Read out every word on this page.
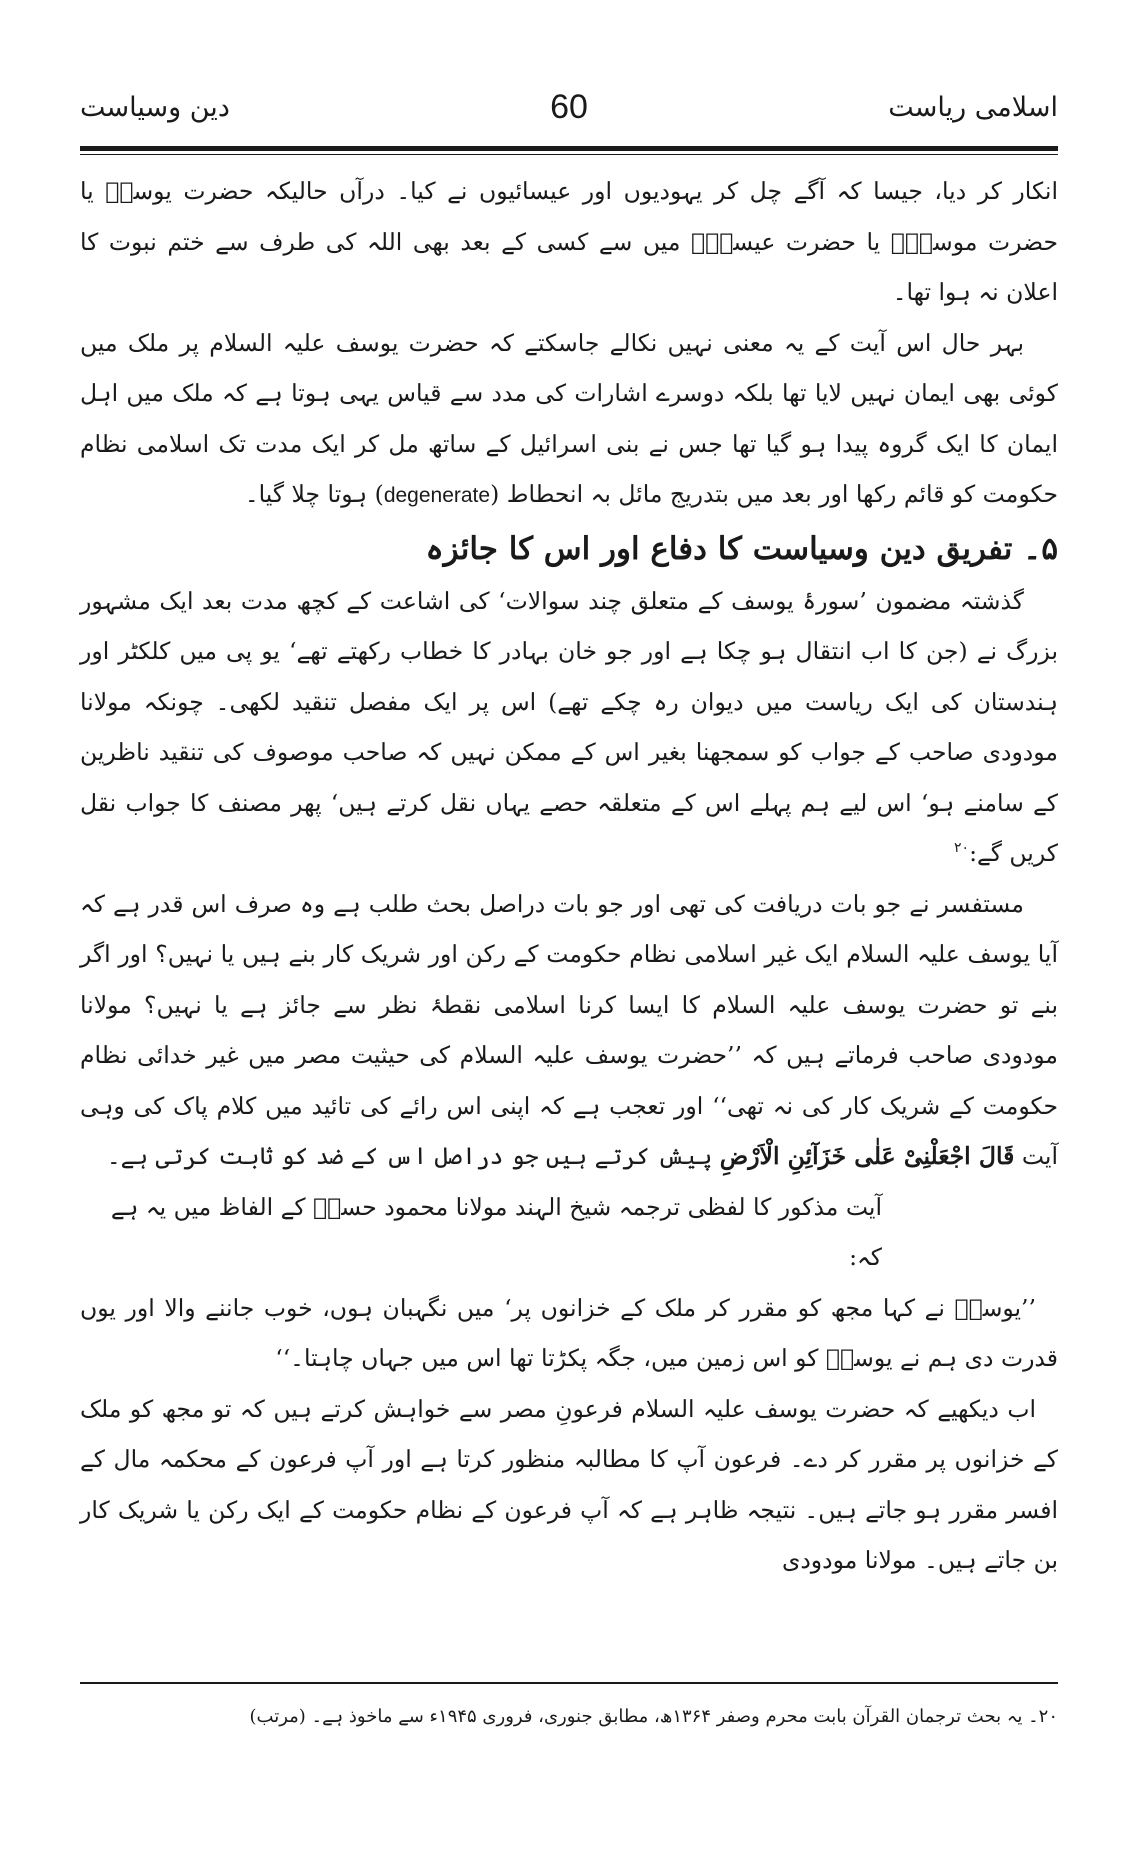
اسلامی ریاست
60
دین وسیاست

انکار کر دیا، جیسا کہ آگے چل کر یہودیوں اور عیسائیوں نے کیا۔ درآں حالیکہ حضرت یوسفؑ یا حضرت موسیٰؑ یا حضرت عیسیٰؑ میں سے کسی کے بعد بھی اللہ کی طرف سے ختم نبوت کا اعلان نہ ہوا تھا۔

بہر حال اس آیت کے یہ معنی نہیں نکالے جاسکتے کہ حضرت یوسف علیہ السلام پر ملک میں کوئی بھی ایمان نہیں لایا تھا بلکہ دوسرے اشارات کی مدد سے قیاس یہی ہوتا ہے کہ ملک میں اہل ایمان کا ایک گروہ پیدا ہو گیا تھا جس نے بنی اسرائیل کے ساتھ مل کر ایک مدت تک اسلامی نظام حکومت کو قائم رکھا اور بعد میں بتدریج مائل بہ انحطاط (degenerate) ہوتا چلا گیا۔

۵۔ تفریق دین وسیاست کا دفاع اور اس کا جائزہ

گذشتہ مضمون ’سورۂ یوسف کے متعلق چند سوالات‘ کی اشاعت کے کچھ مدت بعد ایک مشہور بزرگ نے (جن کا اب انتقال ہو چکا ہے اور جو خان بہادر کا خطاب رکھتے تھے‘ یو پی میں کلکٹر اور ہندستان کی ایک ریاست میں دیوان رہ چکے تھے) اس پر ایک مفصل تنقید لکھی۔ چونکہ مولانا مودودی صاحب کے جواب کو سمجھنا بغیر اس کے ممکن نہیں کہ صاحب موصوف کی تنقید ناظرین کے سامنے ہو‘ اس لیے ہم پہلے اس کے متعلقہ حصے یہاں نقل کرتے ہیں‘ پھر مصنف کا جواب نقل کریں گے:$^{۲۰}$

مستفسر نے جو بات دریافت کی تھی اور جو بات دراصل بحث طلب ہے وہ صرف اس قدر ہے کہ آیا یوسف علیہ السلام ایک غیر اسلامی نظام حکومت کے رکن اور شریک کار بنے ہیں یا نہیں؟ اور اگر بنے تو حضرت یوسف علیہ السلام کا ایسا کرنا اسلامی نقطۂ نظر سے جائز ہے یا نہیں؟ مولانا مودودی صاحب فرماتے ہیں کہ ’’حضرت یوسف علیہ السلام کی حیثیت مصر میں غیر خدائی نظام حکومت کے شریک کار کی نہ تھی‘‘ اور تعجب ہے کہ اپنی اس رائے کی تائید میں کلام پاک کی وہی آیت قَالَ اجْعَلْنِیْ عَلٰی خَزَآئِنِ الْاَرْضِ پیش کرتے ہیں جو دراصل اس کے ضد کو ثابت کرتی ہے۔

آیت مذکور کا لفظی ترجمہ شیخ الہند مولانا محمود حسنؒ کے الفاظ میں یہ ہے کہ:

’’یوسفؑ نے کہا مجھ کو مقرر کر ملک کے خزانوں پر‘ میں نگہبان ہوں، خوب جاننے والا اور یوں قدرت دی ہم نے یوسفؑ کو اس زمین میں، جگہ پکڑتا تھا اس میں جہاں چاہتا۔‘‘

اب دیکھیے کہ حضرت یوسف علیہ السلام فرعونِ مصر سے خواہش کرتے ہیں کہ تو مجھ کو ملک کے خزانوں پر مقرر کر دے۔ فرعون آپ کا مطالبہ منظور کرتا ہے اور آپ فرعون کے محکمہ مال کے افسر مقرر ہو جاتے ہیں۔ نتیجہ ظاہر ہے کہ آپ فرعون کے نظام حکومت کے ایک رکن یا شریک کار بن جاتے ہیں۔ مولانا مودودی

۲۰۔ یہ بحث ترجمان القرآن بابت محرم وصفر ۱۳۶۴ھ، مطابق جنوری، فروری ۱۹۴۵ء سے ماخوذ ہے۔ (مرتب)
